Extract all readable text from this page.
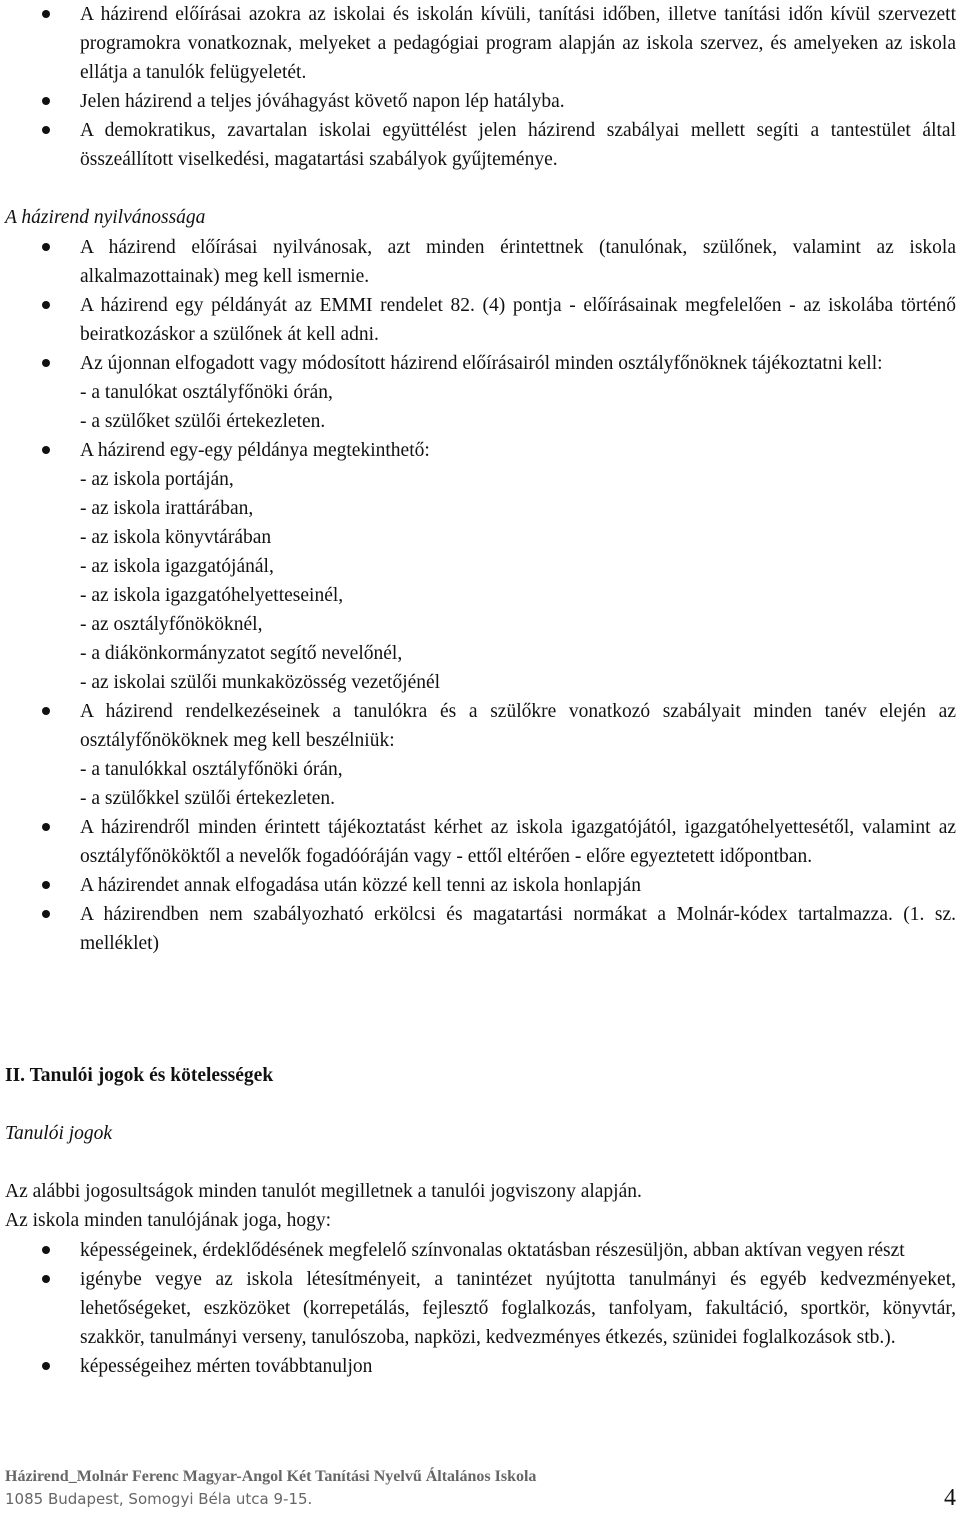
A házirend előírásai azokra az iskolai és iskolán kívüli, tanítási időben, illetve tanítási időn kívül szervezett programokra vonatkoznak, melyeket a pedagógiai program alapján az iskola szervez, és amelyeken az iskola ellátja a tanulók felügyeletét.
Jelen házirend a teljes jóváhagyást követő napon lép hatályba.
A demokratikus, zavartalan iskolai együttélést jelen házirend szabályai mellett segíti a tantestület által összeállított viselkedési, magatartási szabályok gyűjteménye.
A házirend nyilvánossága
A házirend előírásai nyilvánosak, azt minden érintettnek (tanulónak, szülőnek, valamint az iskola alkalmazottainak) meg kell ismernie.
A házirend egy példányát az EMMI rendelet 82. (4) pontja - előírásainak megfelelően - az iskolába történő beiratkozáskor a szülőnek át kell adni.
Az újonnan elfogadott vagy módosított házirend előírásairól minden osztályfőnöknek tájékoztatni kell:
- a tanulókat osztályfőnöki órán,
- a szülőket szülői értekezleten.
A házirend egy-egy példánya megtekinthető:
- az iskola portáján,
- az iskola irattárában,
- az iskola könyvtárában
- az iskola igazgatójánál,
- az iskola igazgatóhelyetteseinél,
- az osztályfőnököknél,
- a diákönkormányzatot segítő nevelőnél,
- az iskolai szülői munkaközösség vezetőjénél
A házirend rendelkezéseinek a tanulókra és a szülőkre vonatkozó szabályait minden tanév elején az osztályfőnököknek meg kell beszélniük:
- a tanulókkal osztályfőnöki órán,
- a szülőkkel szülői értekezleten.
A házirendről minden érintett tájékoztatást kérhet az iskola igazgatójától, igazgatóhelyettesétől, valamint az osztályfőnököktől a nevelők fogadóóráján vagy - ettől eltérően - előre egyeztetett időpontban.
A házirendet annak elfogadása után közzé kell tenni az iskola honlapján
A házirendben nem szabályozható erkölcsi és magatartási normákat a Molnár-kódex tartalmazza. (1. sz. melléklet)
II. Tanulói jogok és kötelességek
Tanulói jogok
Az alábbi jogosultságok minden tanulót megilletnek a tanulói jogviszony alapján.
Az iskola minden tanulójának joga, hogy:
képességeinek, érdeklődésének megfelelő színvonalas oktatásban részesüljön, abban aktívan vegyen részt
igénybe vegye az iskola létesítményeit, a tanintézet nyújtotta tanulmányi és egyéb kedvezményeket, lehetőségeket, eszközöket (korrepetálás, fejlesztő foglalkozás, tanfolyam, fakultáció, sportkör, könyvtár, szakkör, tanulmányi verseny, tanulószoba, napközi, kedvezményes étkezés, szünidei foglalkozások stb.).
képességeihez mérten továbbtanuljon
Házirend_Molnár Ferenc Magyar-Angol Két Tanítási Nyelvű Általános Iskola
1085 Budapest, Somogyi Béla utca 9-15.	4
